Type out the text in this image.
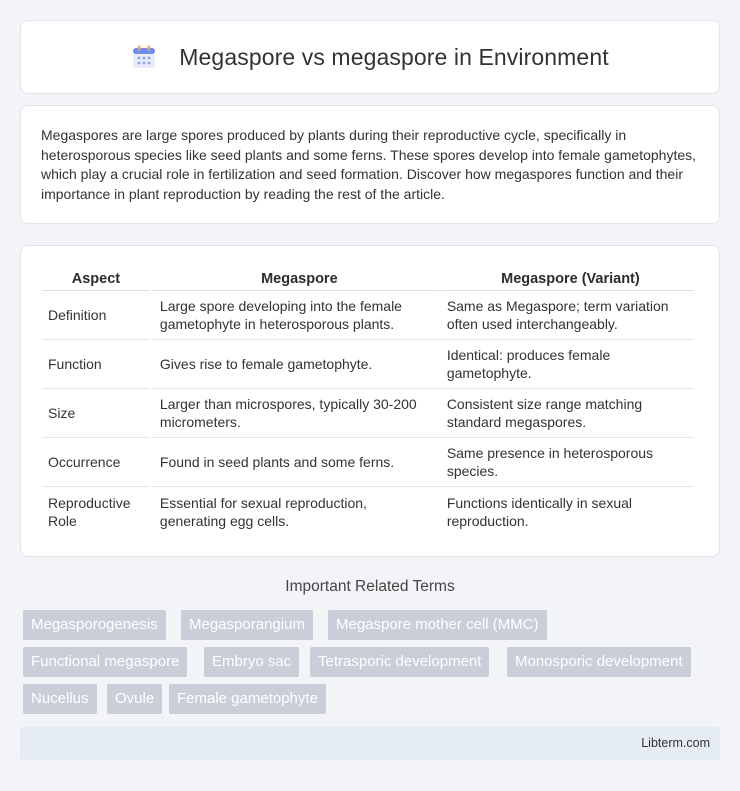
Megaspore vs megaspore in Environment

Megaspores are large spores produced by plants during their reproductive cycle, specifically in heterosporous species like seed plants and some ferns. These spores develop into female gametophytes, which play a crucial role in fertilization and seed formation. Discover how megaspores function and their importance in plant reproduction by reading the rest of the article.

Aspect	Megaspore	Megaspore (Variant)
Definition	Large spore developing into the female gametophyte in heterosporous plants.	Same as Megaspore; term variation often used interchangeably.
Function	Gives rise to female gametophyte.	Identical: produces female gametophyte.
Size	Larger than microspores, typically 30-200 micrometers.	Consistent size range matching standard megaspores.
Occurrence	Found in seed plants and some ferns.	Same presence in heterosporous species.
Reproductive Role	Essential for sexual reproduction, generating egg cells.	Functions identically in sexual reproduction.
Important Related Terms
Megasporogenesis	Megasporangium	Megaspore mother cell (MMC)
Functional megaspore	Embryo sac	Tetrasporic development	Monosporic development
Nucellus	Ovule	Female gametophyte
Libterm.com
